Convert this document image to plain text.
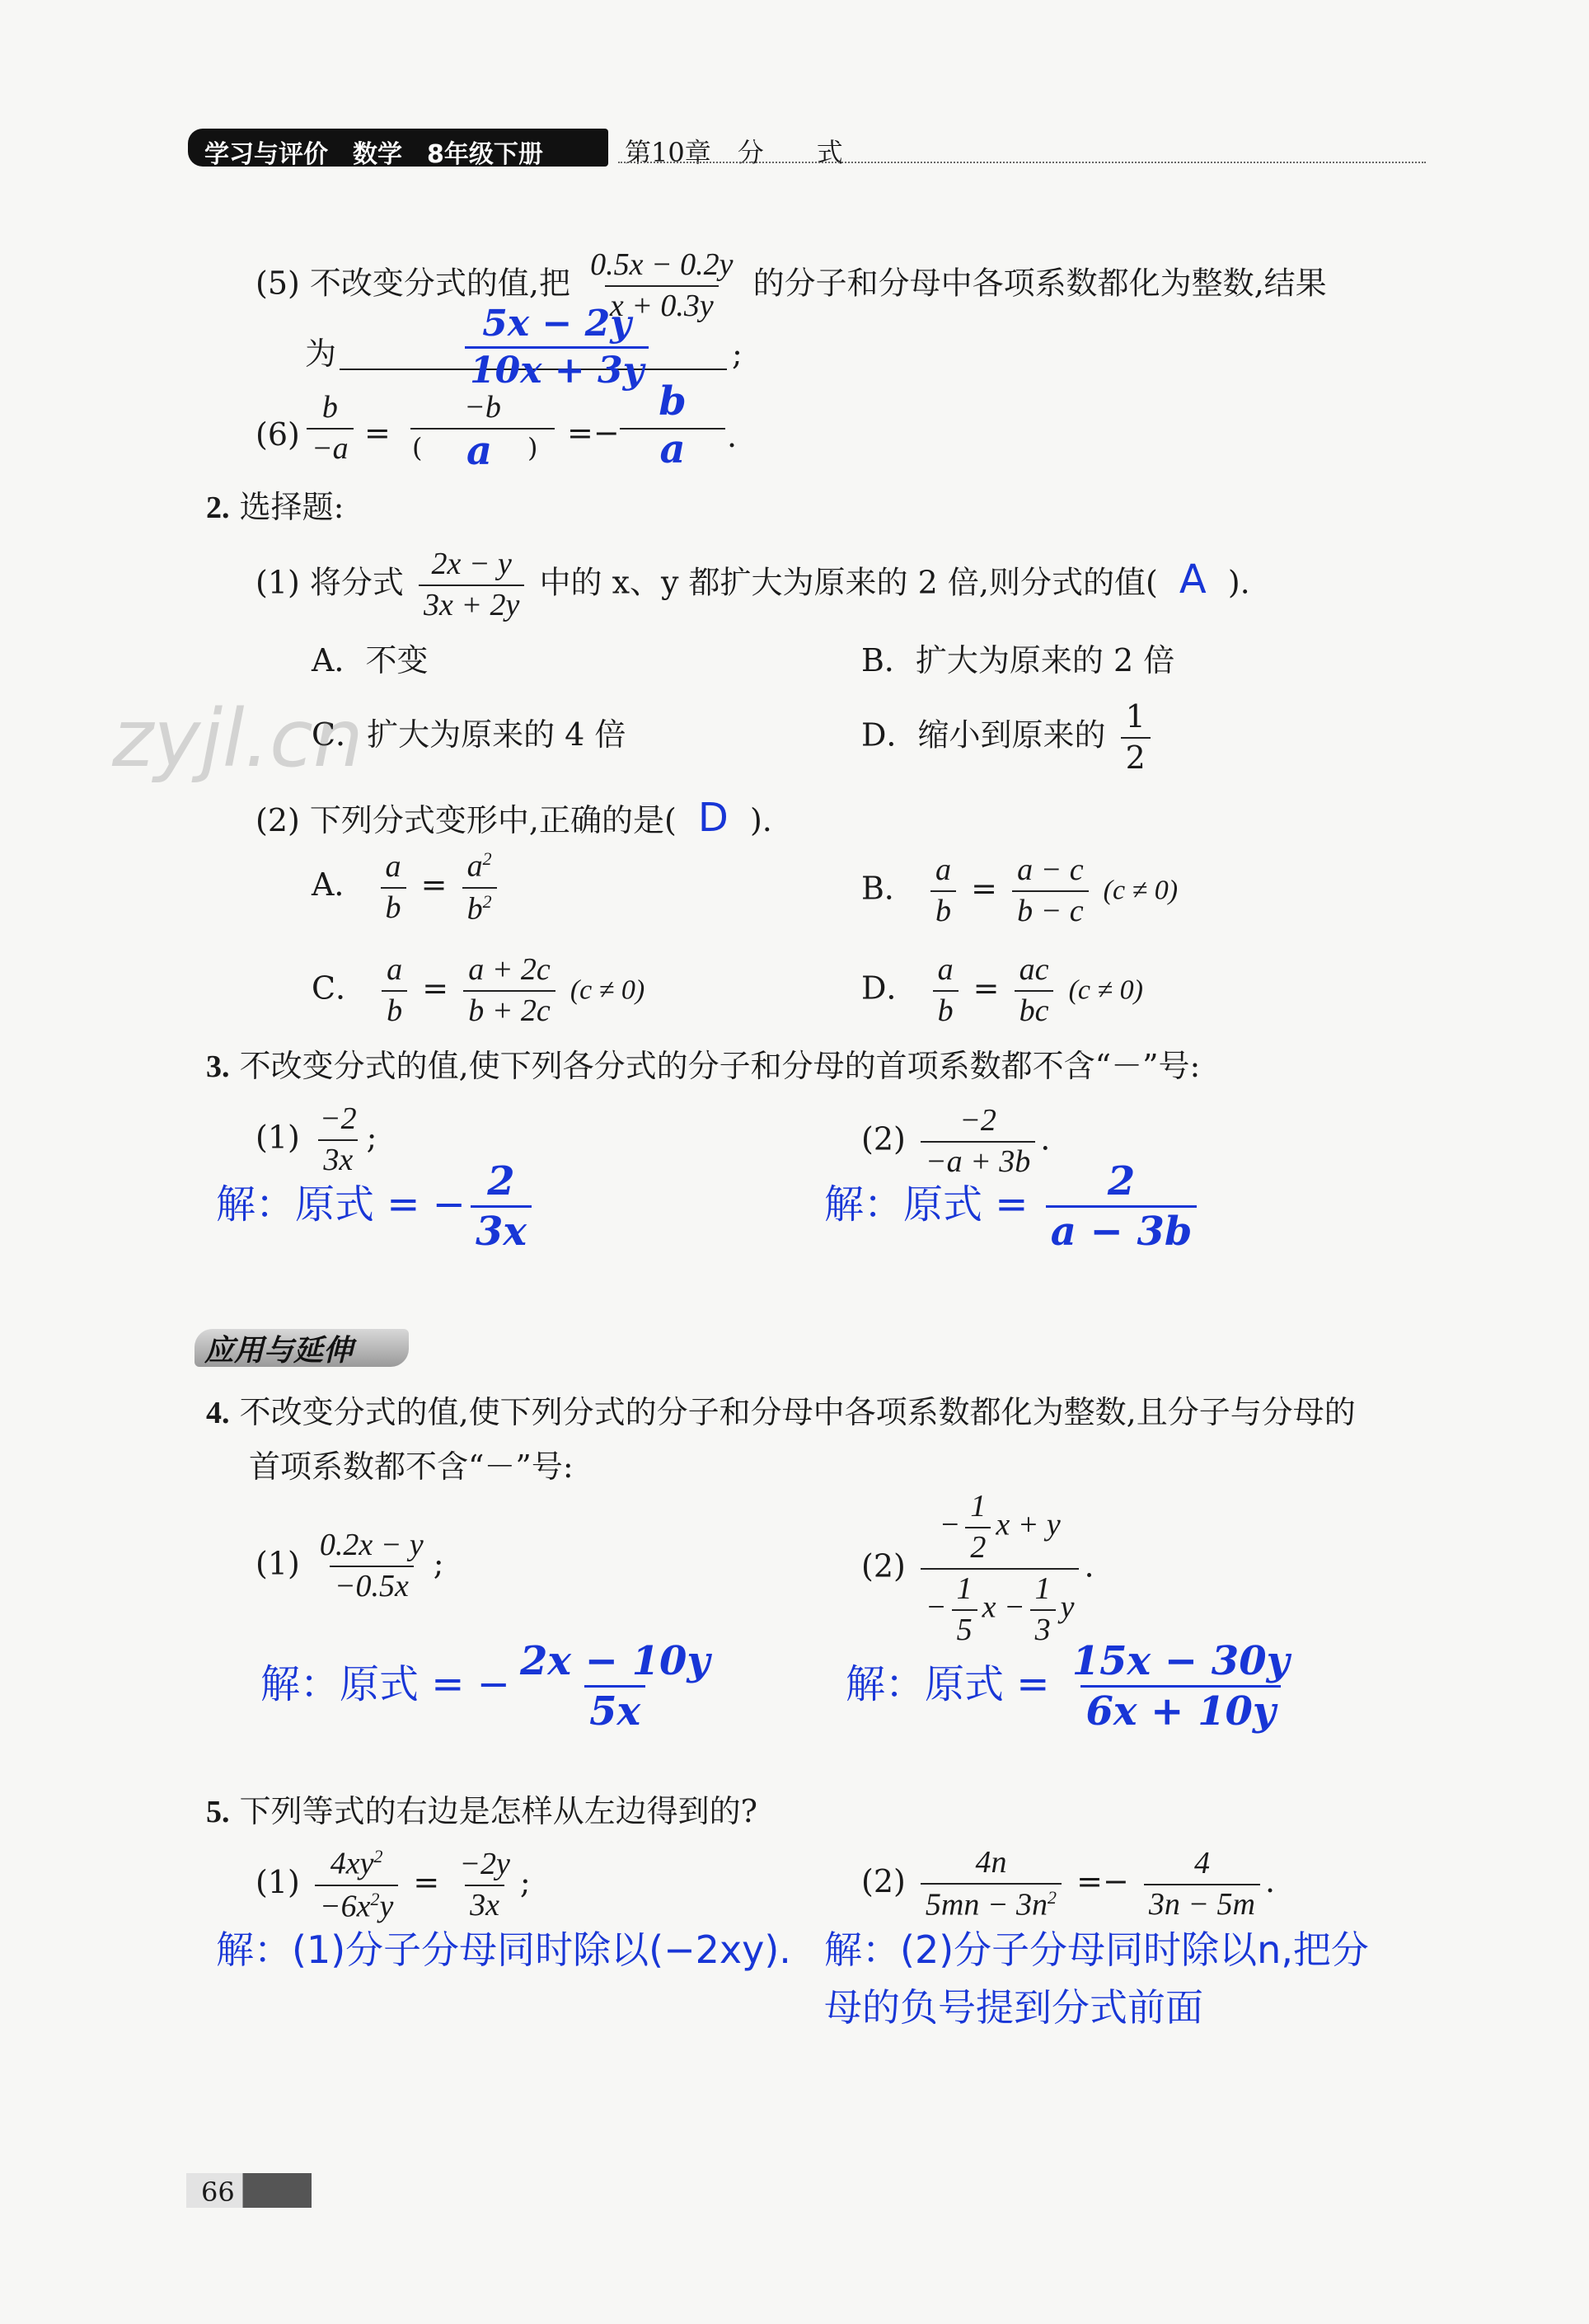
学习与评价　数学　8年级下册	第10章　分　　式
(5) 不改变分式的值,把 $\frac{0.5x - 0.2y}{x + 0.3y}$ 的分子和分母中各项系数都化为整数,结果
为	$\frac{5x - 2y}{10x + 3y}$	;
$(6) \frac{b}{-a}$ =
−b
( a ) =−
b
a	.
2. 选择题:
(1) 将分式 $\frac{2x - y}{3x + 2y}$ 中的 x、y 都扩大为原来的 2 倍,则分式的值( A ).
A．不变	B．扩大为原来的 2 倍
C．扩大为原来的 4 倍	D．缩小到原来的 $\frac{1}{2}$
(2) 下列分式变形中,正确的是( D ).
A． $\frac{a}{b} = \frac{a^2}{b^2}$	B． $\frac{a}{b} = \frac{a - c}{b - c} (c \ne 0)$
C． $\frac{a}{b} = \frac{a + 2c}{b + 2c} (c \ne 0)$	D． $\frac{a}{b} = \frac{ac}{bc} (c \ne 0)$
3. 不改变分式的值,使下列各分式的分子和分母的首项系数都不含“－”号:
$(1) \frac{-2}{3x}$ ;	$(2) \frac{-2}{-a + 3b}$ .
解：原式 = − $\frac{2}{3x}$	解：原式 = $\frac{2}{a - 3b}$
应用与延伸
4. 不改变分式的值,使下列分式的分子和分母中各项系数都化为整数,且分子与分母的
首项系数都不含“－”号:
$(1) \frac{0.2x - y}{-0.5x}$ ;	$(2) \frac{- \frac{1}{2} x + y}{- \frac{1}{5} x - \frac{1}{3} y}$ .
解：原式 = − $\frac{2x - 10y}{5x}$	解：原式 = $\frac{15x - 30y}{6x + 10y}$
5. 下列等式的右边是怎样从左边得到的?
$(1) \frac{4xy^2}{-6x^2y} = \frac{-2y}{3x}$ ;	$(2) \frac{4n}{5mn - 3n^2} =- \frac{4}{3n - 5m}$ .
解：(1)分子分母同时除以(−2xy). 解：(2)分子分母同时除以n,把分
母的负号提到分式前面
zyjl.cn
66
